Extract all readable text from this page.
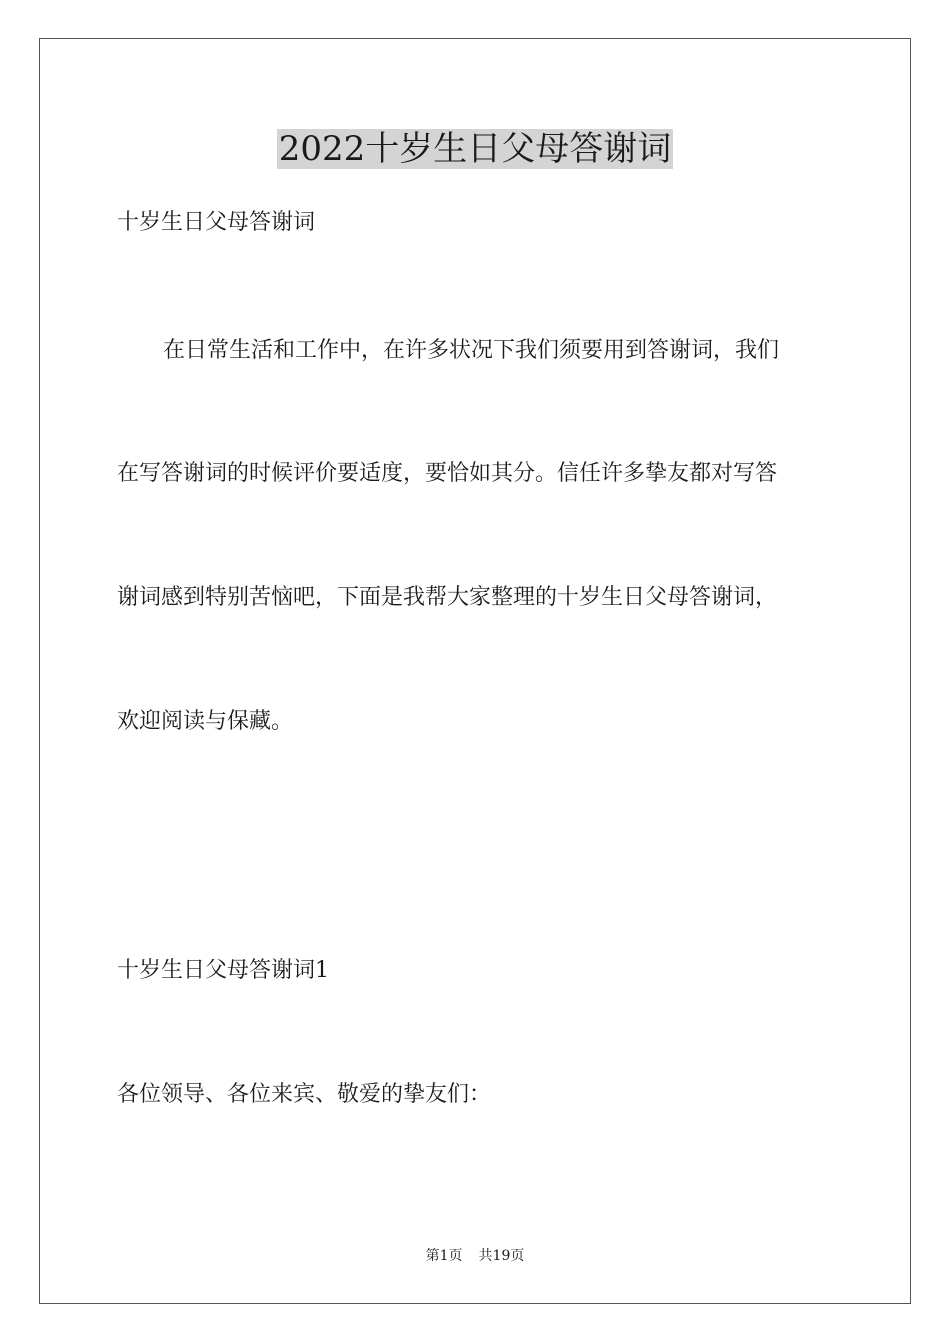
2022十岁生日父母答谢词
十岁生日父母答谢词
在日常生活和工作中，在许多状况下我们须要用到答谢词，我们
在写答谢词的时候评价要适度，要恰如其分。信任许多挚友都对写答
谢词感到特别苦恼吧，下面是我帮大家整理的十岁生日父母答谢词，
欢迎阅读与保藏。
十岁生日父母答谢词1
各位领导、各位来宾、敬爱的挚友们：
第1页 共19页
